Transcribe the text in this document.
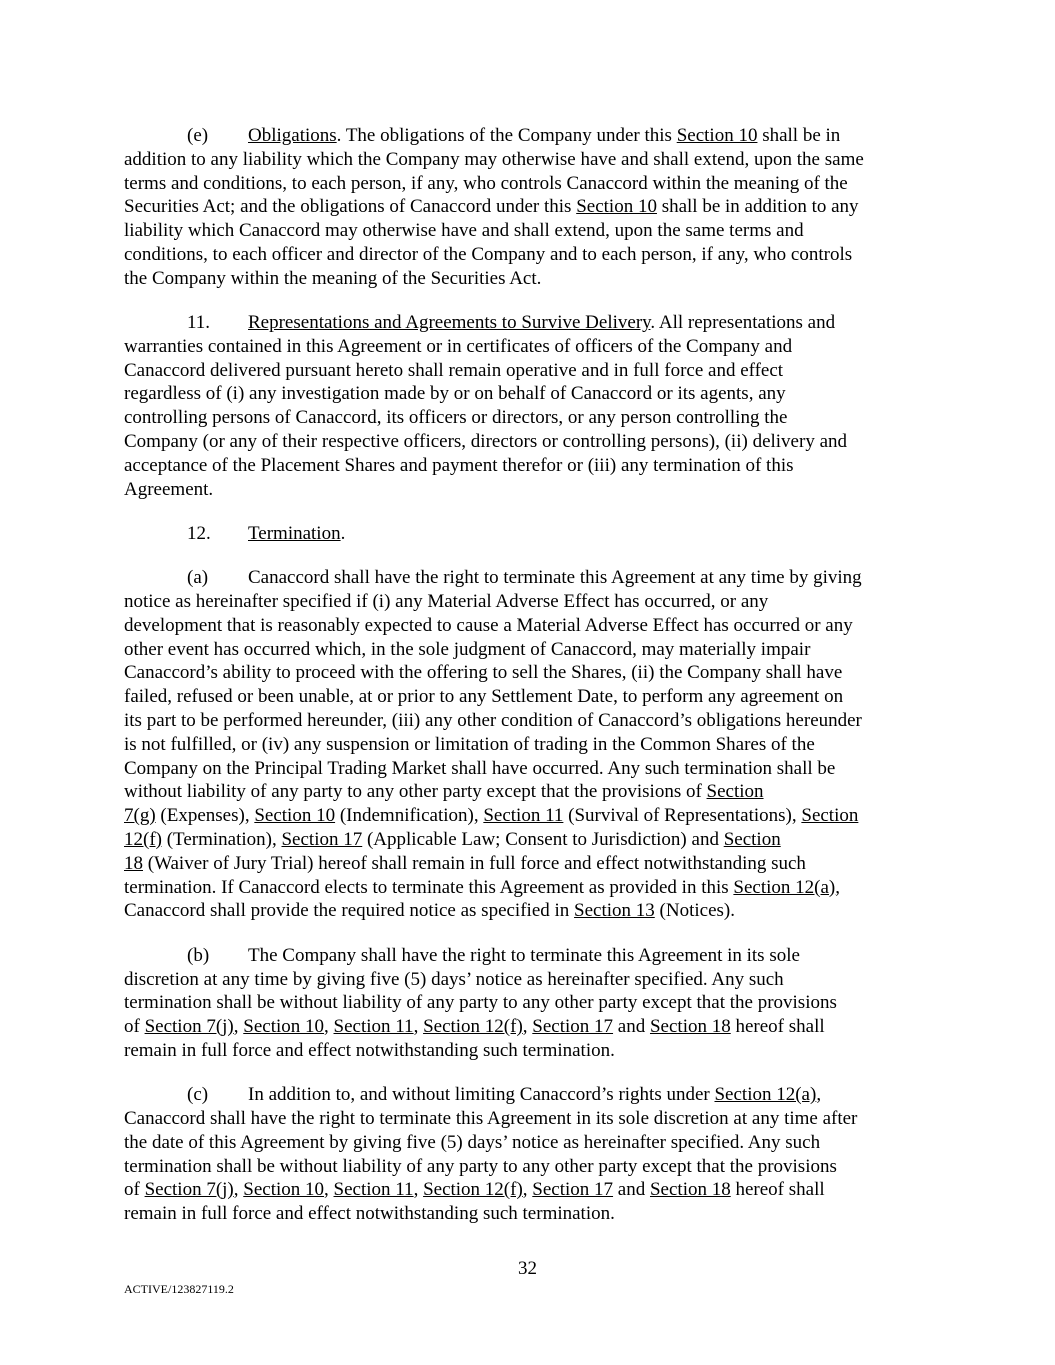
(e) Obligations. The obligations of the Company under this Section 10 shall be in
addition to any liability which the Company may otherwise have and shall extend, upon the same
terms and conditions, to each person, if any, who controls Canaccord within the meaning of the
Securities Act; and the obligations of Canaccord under this Section 10 shall be in addition to any
liability which Canaccord may otherwise have and shall extend, upon the same terms and
conditions, to each officer and director of the Company and to each person, if any, who controls
the Company within the meaning of the Securities Act.

11. Representations and Agreements to Survive Delivery. All representations and
warranties contained in this Agreement or in certificates of officers of the Company and
Canaccord delivered pursuant hereto shall remain operative and in full force and effect
regardless of (i) any investigation made by or on behalf of Canaccord or its agents, any
controlling persons of Canaccord, its officers or directors, or any person controlling the
Company (or any of their respective officers, directors or controlling persons), (ii) delivery and
acceptance of the Placement Shares and payment therefor or (iii) any termination of this
Agreement.

12. Termination.

(a) Canaccord shall have the right to terminate this Agreement at any time by giving
notice as hereinafter specified if (i) any Material Adverse Effect has occurred, or any
development that is reasonably expected to cause a Material Adverse Effect has occurred or any
other event has occurred which, in the sole judgment of Canaccord, may materially impair
Canaccord’s ability to proceed with the offering to sell the Shares, (ii) the Company shall have
failed, refused or been unable, at or prior to any Settlement Date, to perform any agreement on
its part to be performed hereunder, (iii) any other condition of Canaccord’s obligations hereunder
is not fulfilled, or (iv) any suspension or limitation of trading in the Common Shares of the
Company on the Principal Trading Market shall have occurred. Any such termination shall be
without liability of any party to any other party except that the provisions of Section
7(g) (Expenses), Section 10 (Indemnification), Section 11 (Survival of Representations), Section
12(f) (Termination), Section 17 (Applicable Law; Consent to Jurisdiction) and Section
18 (Waiver of Jury Trial) hereof shall remain in full force and effect notwithstanding such
termination. If Canaccord elects to terminate this Agreement as provided in this Section 12(a),
Canaccord shall provide the required notice as specified in Section 13 (Notices).

(b) The Company shall have the right to terminate this Agreement in its sole
discretion at any time by giving five (5) days’ notice as hereinafter specified. Any such
termination shall be without liability of any party to any other party except that the provisions
of Section 7(j), Section 10, Section 11, Section 12(f), Section 17 and Section 18 hereof shall
remain in full force and effect notwithstanding such termination.

(c) In addition to, and without limiting Canaccord’s rights under Section 12(a),
Canaccord shall have the right to terminate this Agreement in its sole discretion at any time after
the date of this Agreement by giving five (5) days’ notice as hereinafter specified. Any such
termination shall be without liability of any party to any other party except that the provisions
of Section 7(j), Section 10, Section 11, Section 12(f), Section 17 and Section 18 hereof shall
remain in full force and effect notwithstanding such termination.

32
ACTIVE/123827119.2
